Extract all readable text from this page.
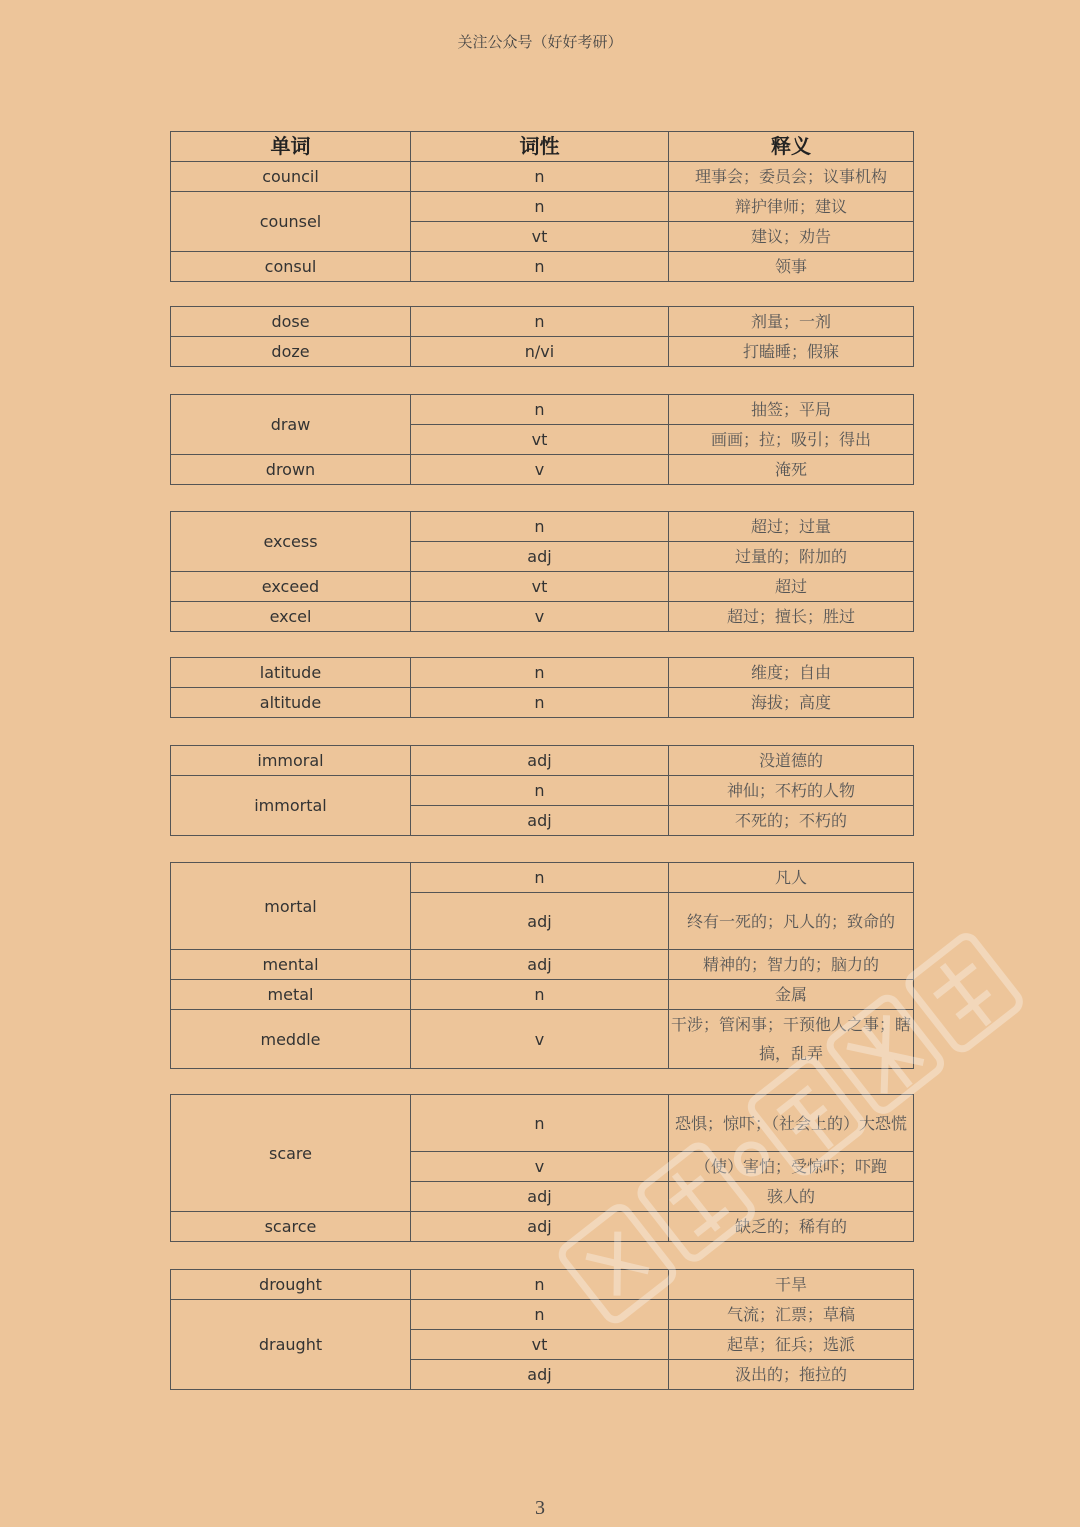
关注公众号（好好考研）
单词	词性	释义
council	n	理事会；委员会；议事机构
counsel	n	辩护律师；建议
	vt	建议；劝告
consul	n	领事
dose	n	剂量；一剂
doze	n/vi	打瞌睡；假寐
draw	n	抽签；平局
	vt	画画；拉；吸引；得出
drown	v	淹死
excess	n	超过；过量
	adj	过量的；附加的
exceed	vt	超过
excel	v	超过；擅长；胜过
latitude	n	维度；自由
altitude	n	海拔；高度
immoral	adj	没道德的
immortal	n	神仙；不朽的人物
	adj	不死的；不朽的
mortal	n	凡人
	adj	终有一死的；凡人的；致命的
mental	adj	精神的；智力的；脑力的
metal	n	金属
meddle	v	干涉；管闲事；干预他人之事；瞎搞，乱弄
scare	n	恐惧；惊吓；（社会上的）大恐慌
	v	（使）害怕；受惊吓；吓跑
	adj	骇人的
scarce	adj	缺乏的；稀有的
drought	n	干旱
draught	n	气流；汇票；草稿
	vt	起草；征兵；选派
	adj	汲出的；拖拉的
3
